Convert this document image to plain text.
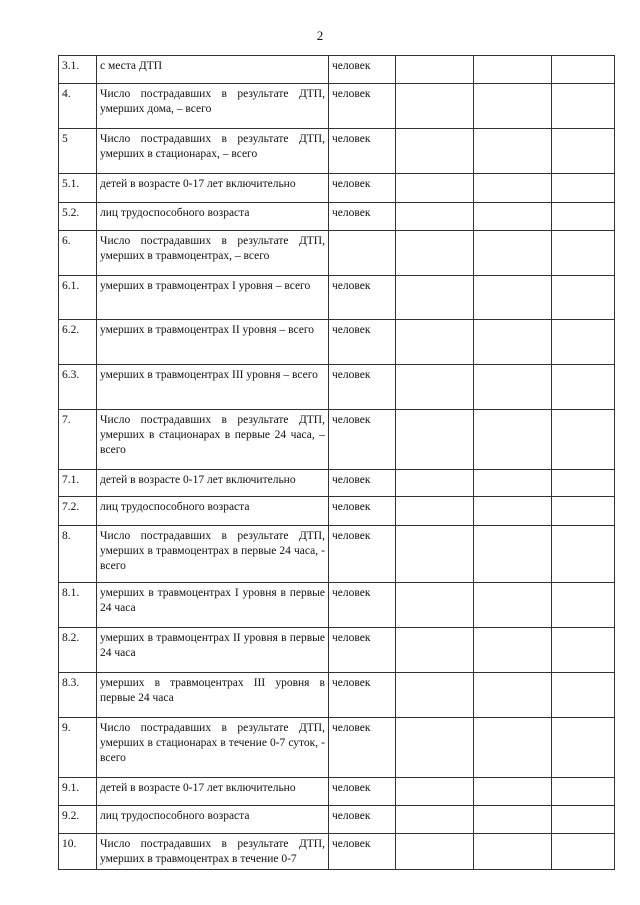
2
3.1.	с места ДТП	человек			
4.	Число пострадавших в результате ДТП, умерших дома, – всего	человек			
5	Число пострадавших в результате ДТП, умерших в стационарах, – всего	человек			
5.1.	детей в возрасте 0-17 лет включительно	человек			
5.2.	лиц трудоспособного возраста	человек			
6.	Число пострадавших в результате ДТП, умерших в травмоцентрах, – всего				
6.1.	умерших в травмоцентрах I уровня – всего	человек			
6.2.	умерших в травмоцентрах II уровня – всего	человек			
6.3.	умерших в травмоцентрах III уровня – всего	человек			
7.	Число пострадавших в результате ДТП, умерших в стационарах в первые 24 часа, – всего	человек			
7.1.	детей в возрасте 0-17 лет включительно	человек			
7.2.	лиц трудоспособного возраста	человек			
8.	Число пострадавших в результате ДТП, умерших в травмоцентрах в первые 24 часа, - всего	человек			
8.1.	умерших в травмоцентрах I уровня в первые 24 часа	человек			
8.2.	умерших в травмоцентрах II уровня в первые 24 часа	человек			
8.3.	умерших в травмоцентрах III уровня в первые 24 часа	человек			
9.	Число пострадавших в результате ДТП, умерших в стационарах в течение 0-7 суток, - всего	человек			
9.1.	детей в возрасте 0-17 лет включительно	человек			
9.2.	лиц трудоспособного возраста	человек			
10.	Число пострадавших в результате ДТП, умерших в травмоцентрах в течение 0-7	человек			
